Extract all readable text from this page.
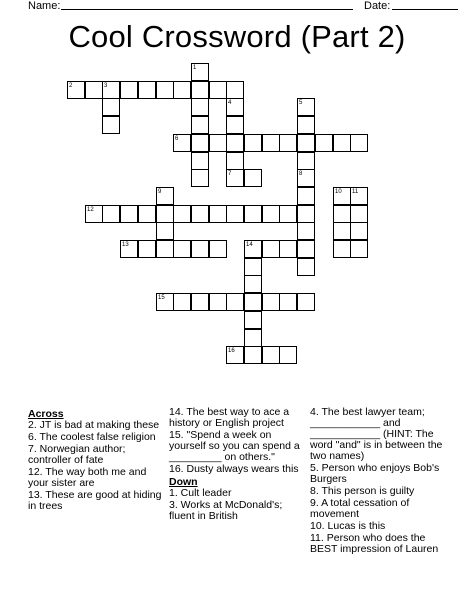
Name:	Date:
Cool Crossword (Part 2)
1
2	3
4	5
6
7	8
9	10 11
12
13	14
15
16
Across
2. JT is bad at making these
6. The coolest false religion
7. Norwegian author; controller of fate
12. The way both me and your sister are
13. These are good at hiding in trees
14. The best way to ace a history or English project
15. "Spend a week on yourself so you can spend a _________ on others."
16. Dusty always wears this
Down
1. Cult leader
3. Works at McDonald's; fluent in British
4. The best lawyer team; ____________ and ____________ (HINT: The word "and" is in between the two names)
5. Person who enjoys Bob's Burgers
8. This person is guilty
9. A total cessation of movement
10. Lucas is this
11. Person who does the BEST impression of Lauren
